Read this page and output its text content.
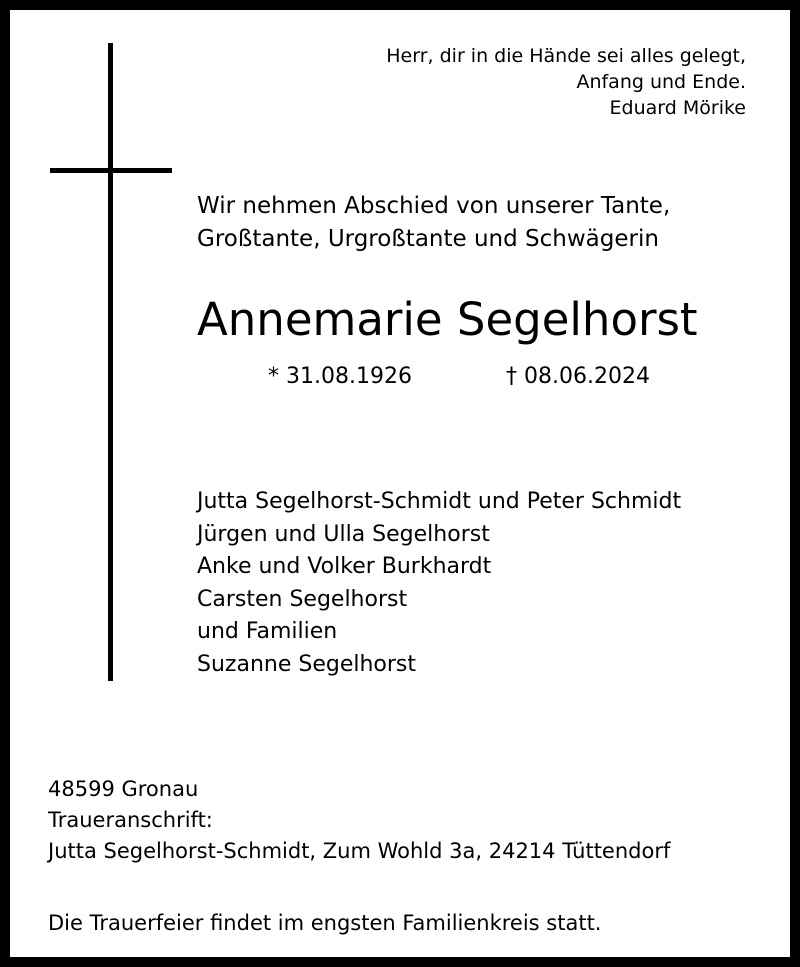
Herr, dir in die Hände sei alles gelegt,
Anfang und Ende.
Eduard Mörike
Wir nehmen Abschied von unserer Tante,
Großtante, Urgroßtante und Schwägerin
Annemarie Segelhorst
* 31.08.1926	† 08.06.2024
Jutta Segelhorst-Schmidt und Peter Schmidt
Jürgen und Ulla Segelhorst
Anke und Volker Burkhardt
Carsten Segelhorst
und Familien
Suzanne Segelhorst
48599 Gronau
Traueranschrift:
Jutta Segelhorst-Schmidt, Zum Wohld 3a, 24214 Tüttendorf
Die Trauerfeier findet im engsten Familienkreis statt.
